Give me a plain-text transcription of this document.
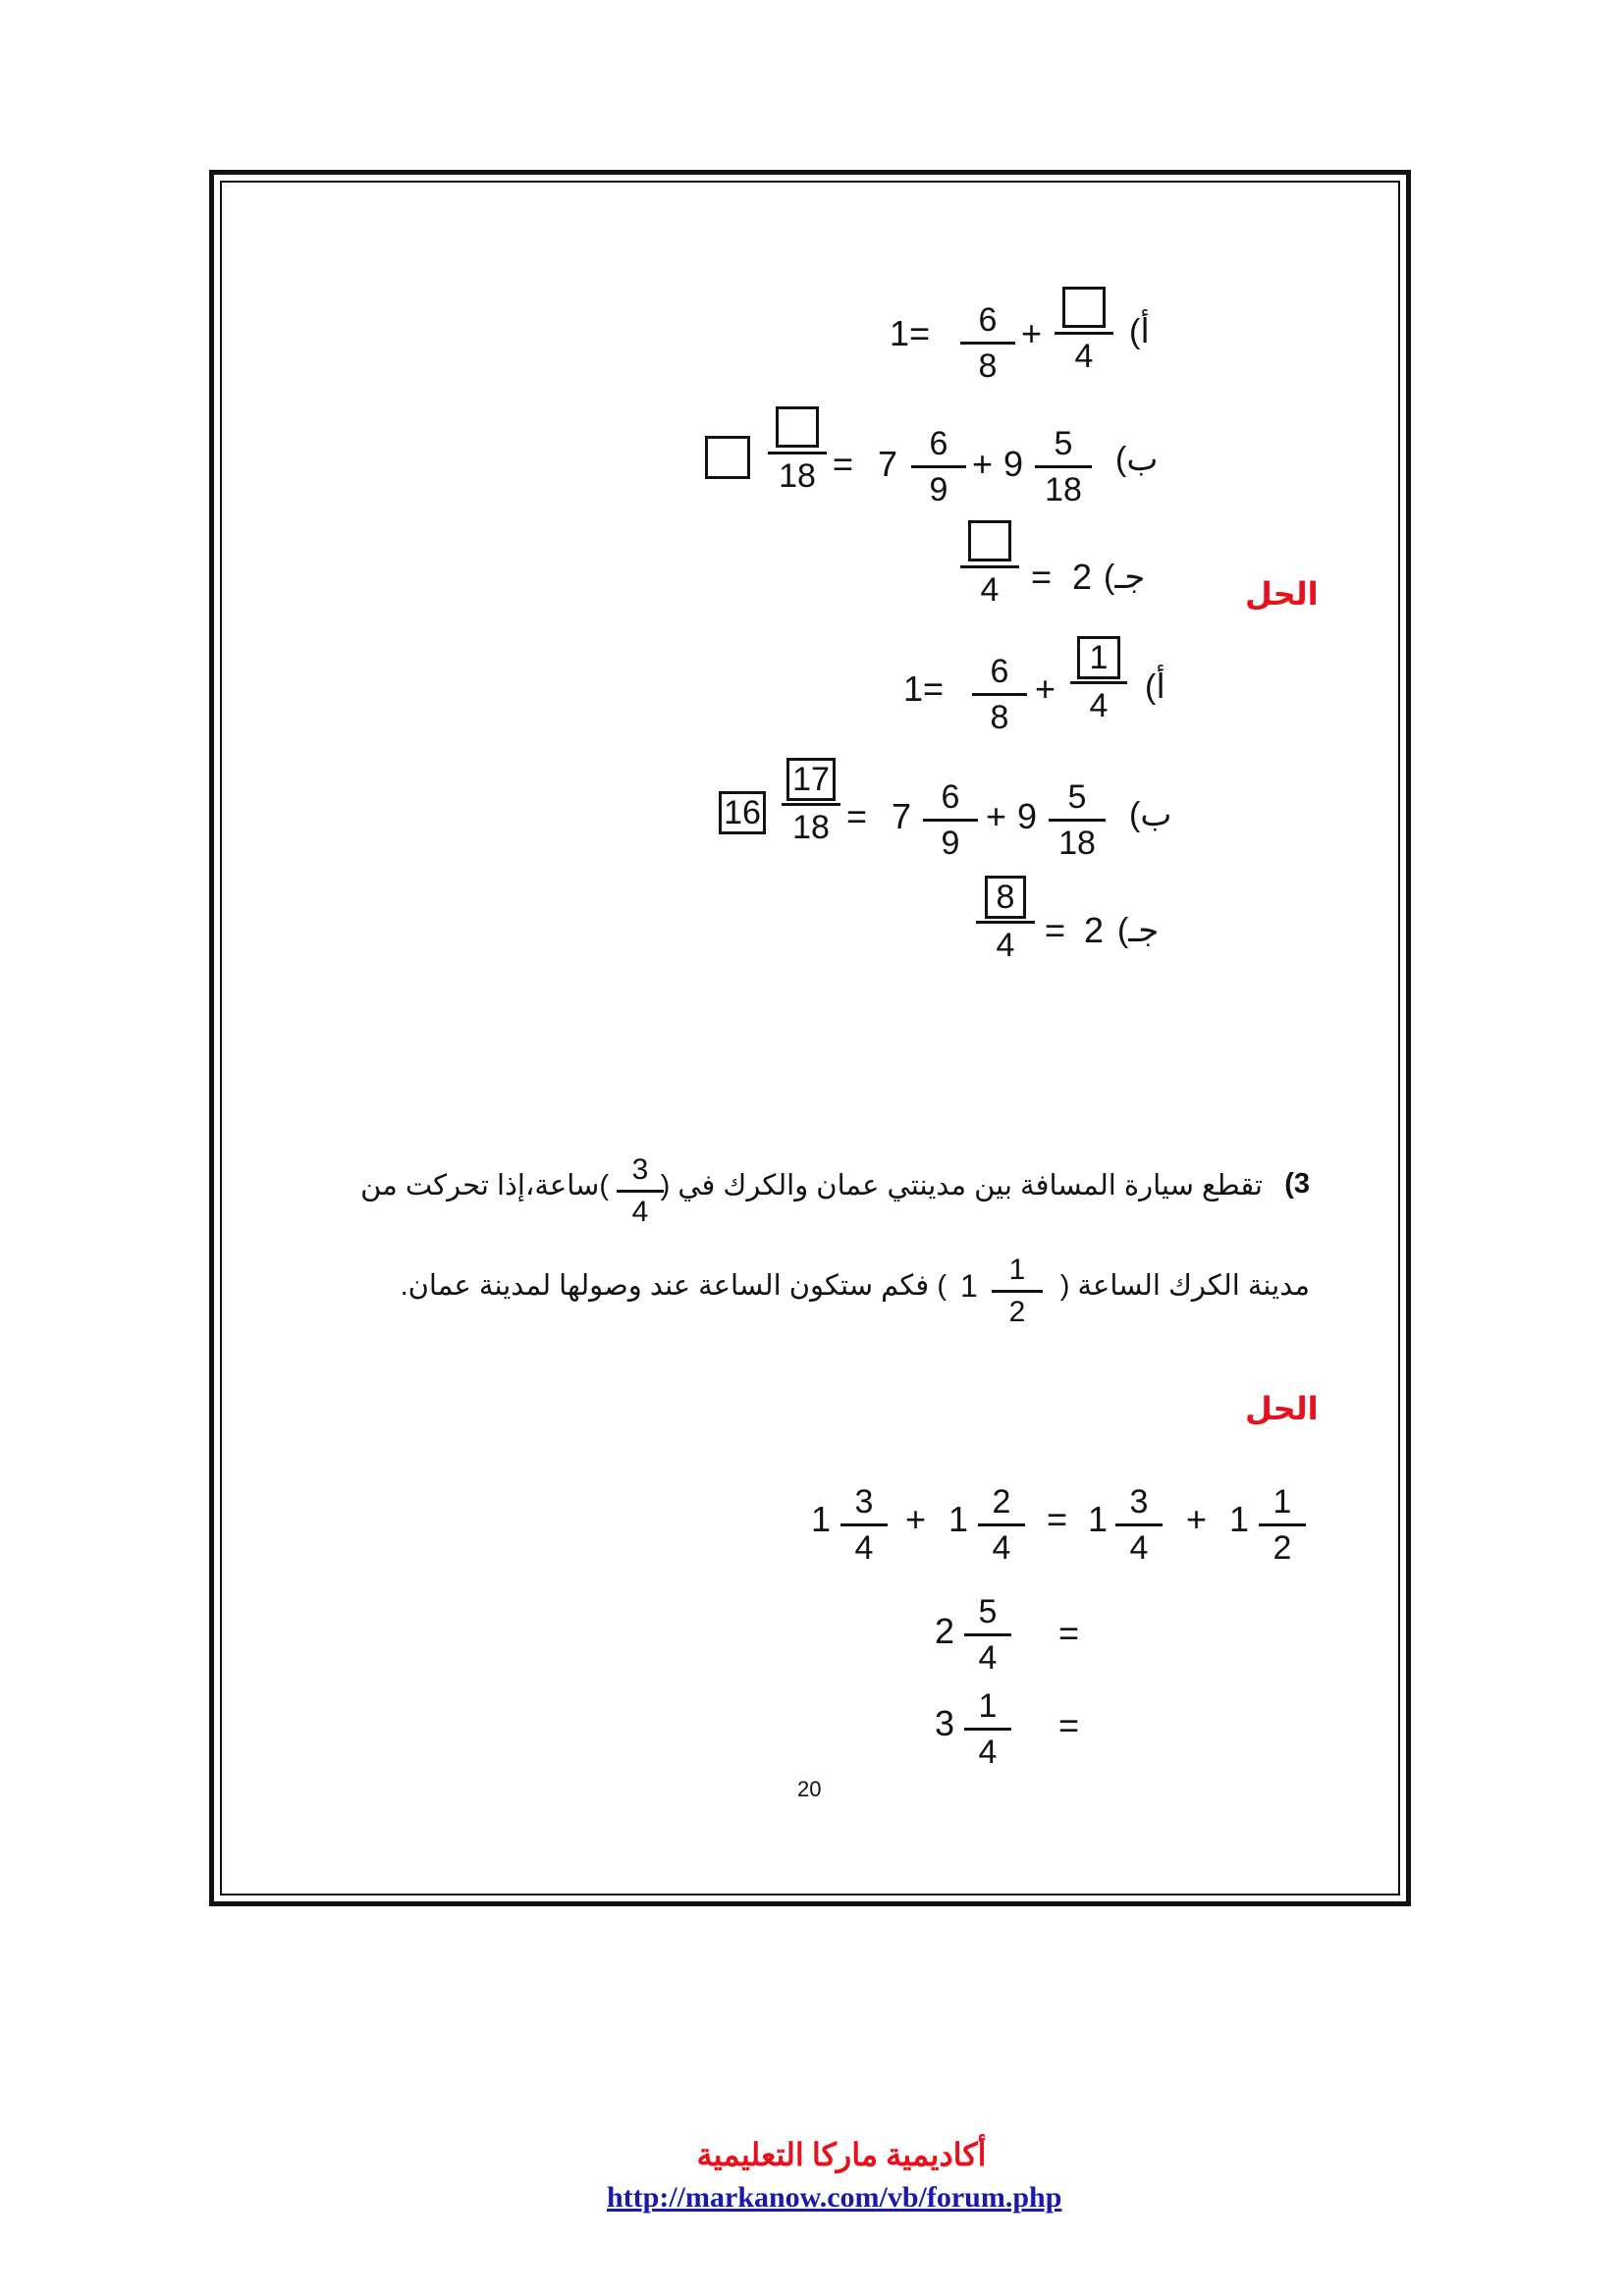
أ)
4
+
6
8
1=
ب)
5
18
9
+
6
9
7
=
18
جـ)
2
=
4	الحل
أ)
$\frac{1}{4}$
+
6
8
1=
ب)
5
18
9
+
6
9
7
=
$\frac{17}{18}$
16
جـ)
2
=
$\frac{8}{4}$
3)
تقطع سيارة المسافة بين مدينتي عمان والكرك في (
3
4
)ساعة،إذا تحركت من
مدينة الكرك الساعة (
1 1
2
) فكم ستكون الساعة عند وصولها لمدينة عمان.
الحل
1 3
4
+ 1 2
4
= 1 3
4
+ 1 1
2
2 5
4
=
3 1
4
=
20
أكاديمية ماركا التعليمية
http://markanow.com/vb/forum.php
